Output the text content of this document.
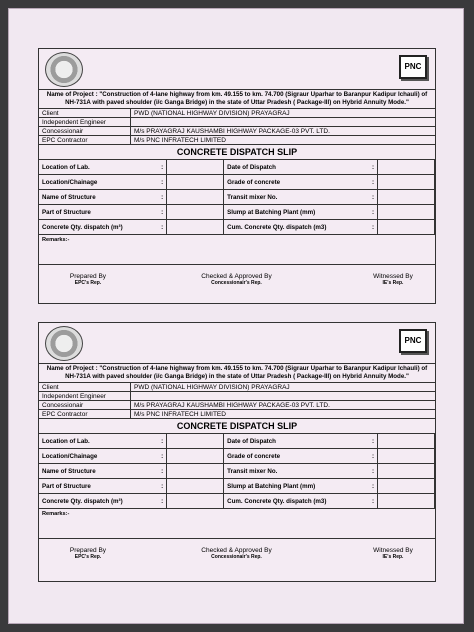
PNC
Name of Project : "Construction of 4-lane highway from km. 49.155 to km. 74.700 (Sigraur Uparhar to Baranpur Kadipur Ichauli) of NH-731A with paved shoulder (i/c Ganga Bridge) in the state of Uttar Pradesh ( Package-III) on Hybrid Annuity Mode."
Client	PWD (NATIONAL HIGHWAY DIVISION) PRAYAGRAJ
Independent Engineer	
Concessionair	M/s PRAYAGRAJ KAUSHAMBI HIGHWAY PACKAGE-03 PVT. LTD.
EPC Contractor	M/s PNC INFRATECH LIMITED
CONCRETE DISPATCH SLIP
Location of Lab.	:		Date of Dispatch	:	
Location/Chainage	:		Grade of concrete	:	
Name of Structure	:		Transit mixer No.	:	
Part of Structure	:		Slump at Batching Plant (mm)	:	
Concrete Qty. dispatch (m³)	:		Cum. Concrete Qty. dispatch (m3)	:	
Remarks:-
Prepared By
EPC's Rep.
Checked & Approved By
Concessionair's Rep.
Witnessed By
IE's Rep.
PNC
Name of Project : "Construction of 4-lane highway from km. 49.155 to km. 74.700 (Sigraur Uparhar to Baranpur Kadipur Ichauli) of NH-731A with paved shoulder (i/c Ganga Bridge) in the state of Uttar Pradesh ( Package-III) on Hybrid Annuity Mode."
Client	PWD (NATIONAL HIGHWAY DIVISION) PRAYAGRAJ
Independent Engineer	
Concessionair	M/s PRAYAGRAJ KAUSHAMBI HIGHWAY PACKAGE-03 PVT. LTD.
EPC Contractor	M/s PNC INFRATECH LIMITED
CONCRETE DISPATCH SLIP
Location of Lab.	:		Date of Dispatch	:	
Location/Chainage	:		Grade of concrete	:	
Name of Structure	:		Transit mixer No.	:	
Part of Structure	:		Slump at Batching Plant (mm)	:	
Concrete Qty. dispatch (m³)	:		Cum. Concrete Qty. dispatch (m3)	:	
Remarks:-
Prepared By
EPC's Rep.
Checked & Approved By
Concessionair's Rep.
Witnessed By
IE's Rep.
